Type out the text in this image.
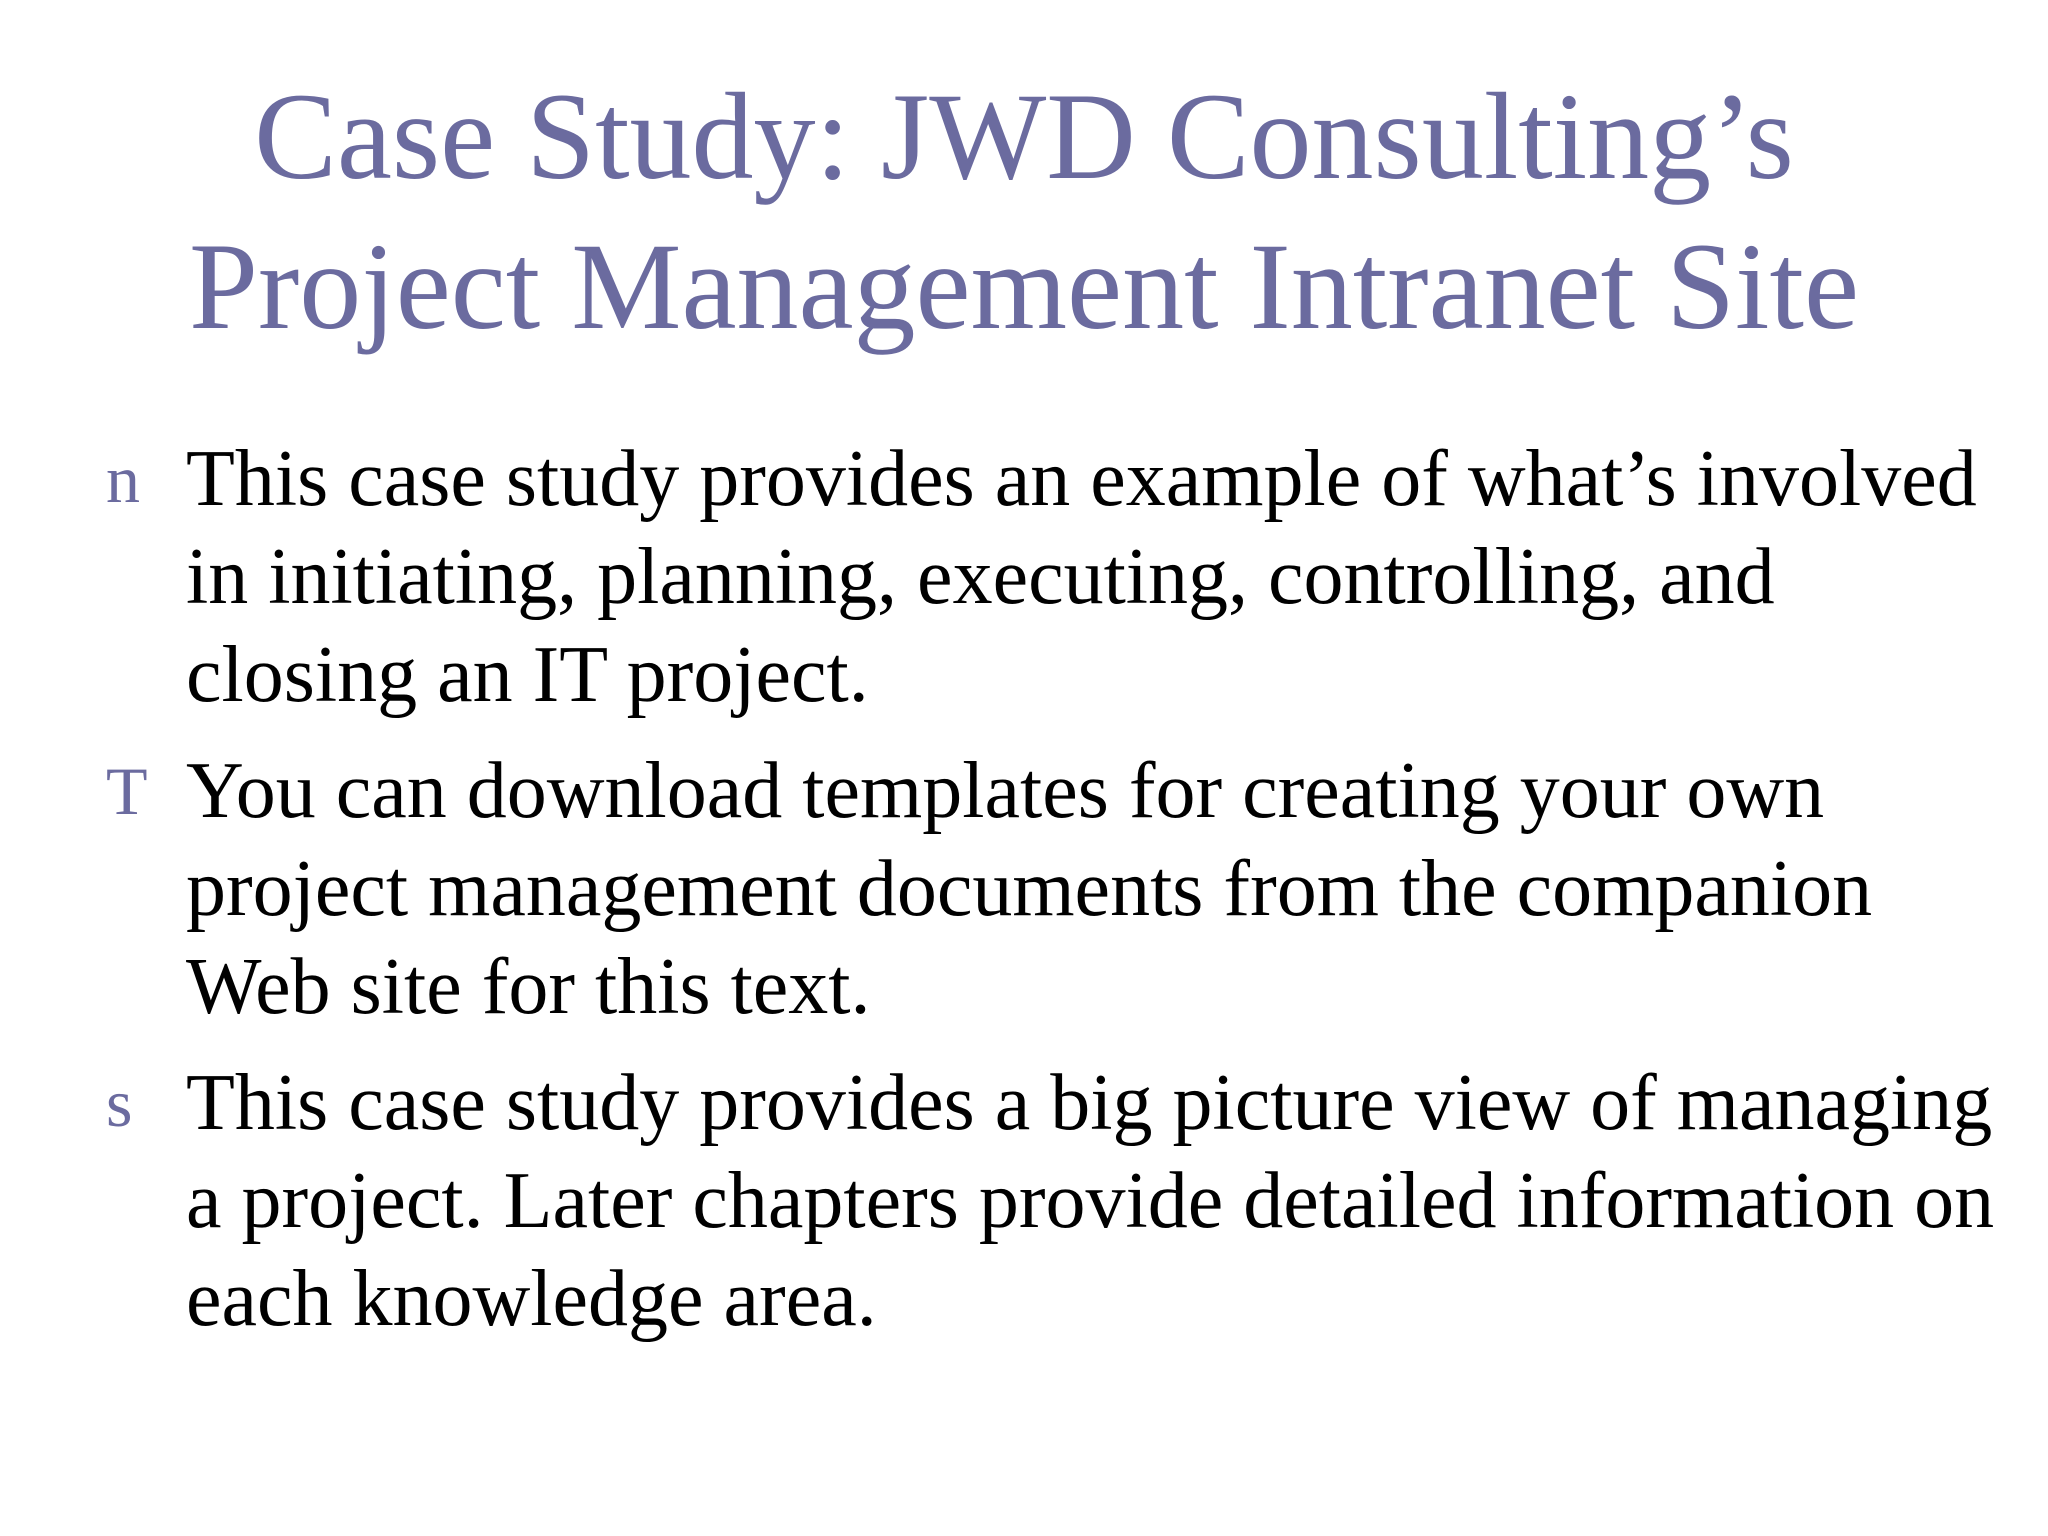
Case Study: JWD Consulting’s
Project Management Intranet Site
n This case study provides an example of what’s involved in initiating, planning, executing, controlling, and closing an IT project.
T You can download templates for creating your own project management documents from the companion Web site for this text.
s This case study provides a big picture view of managing a project. Later chapters provide detailed information on each knowledge area.
